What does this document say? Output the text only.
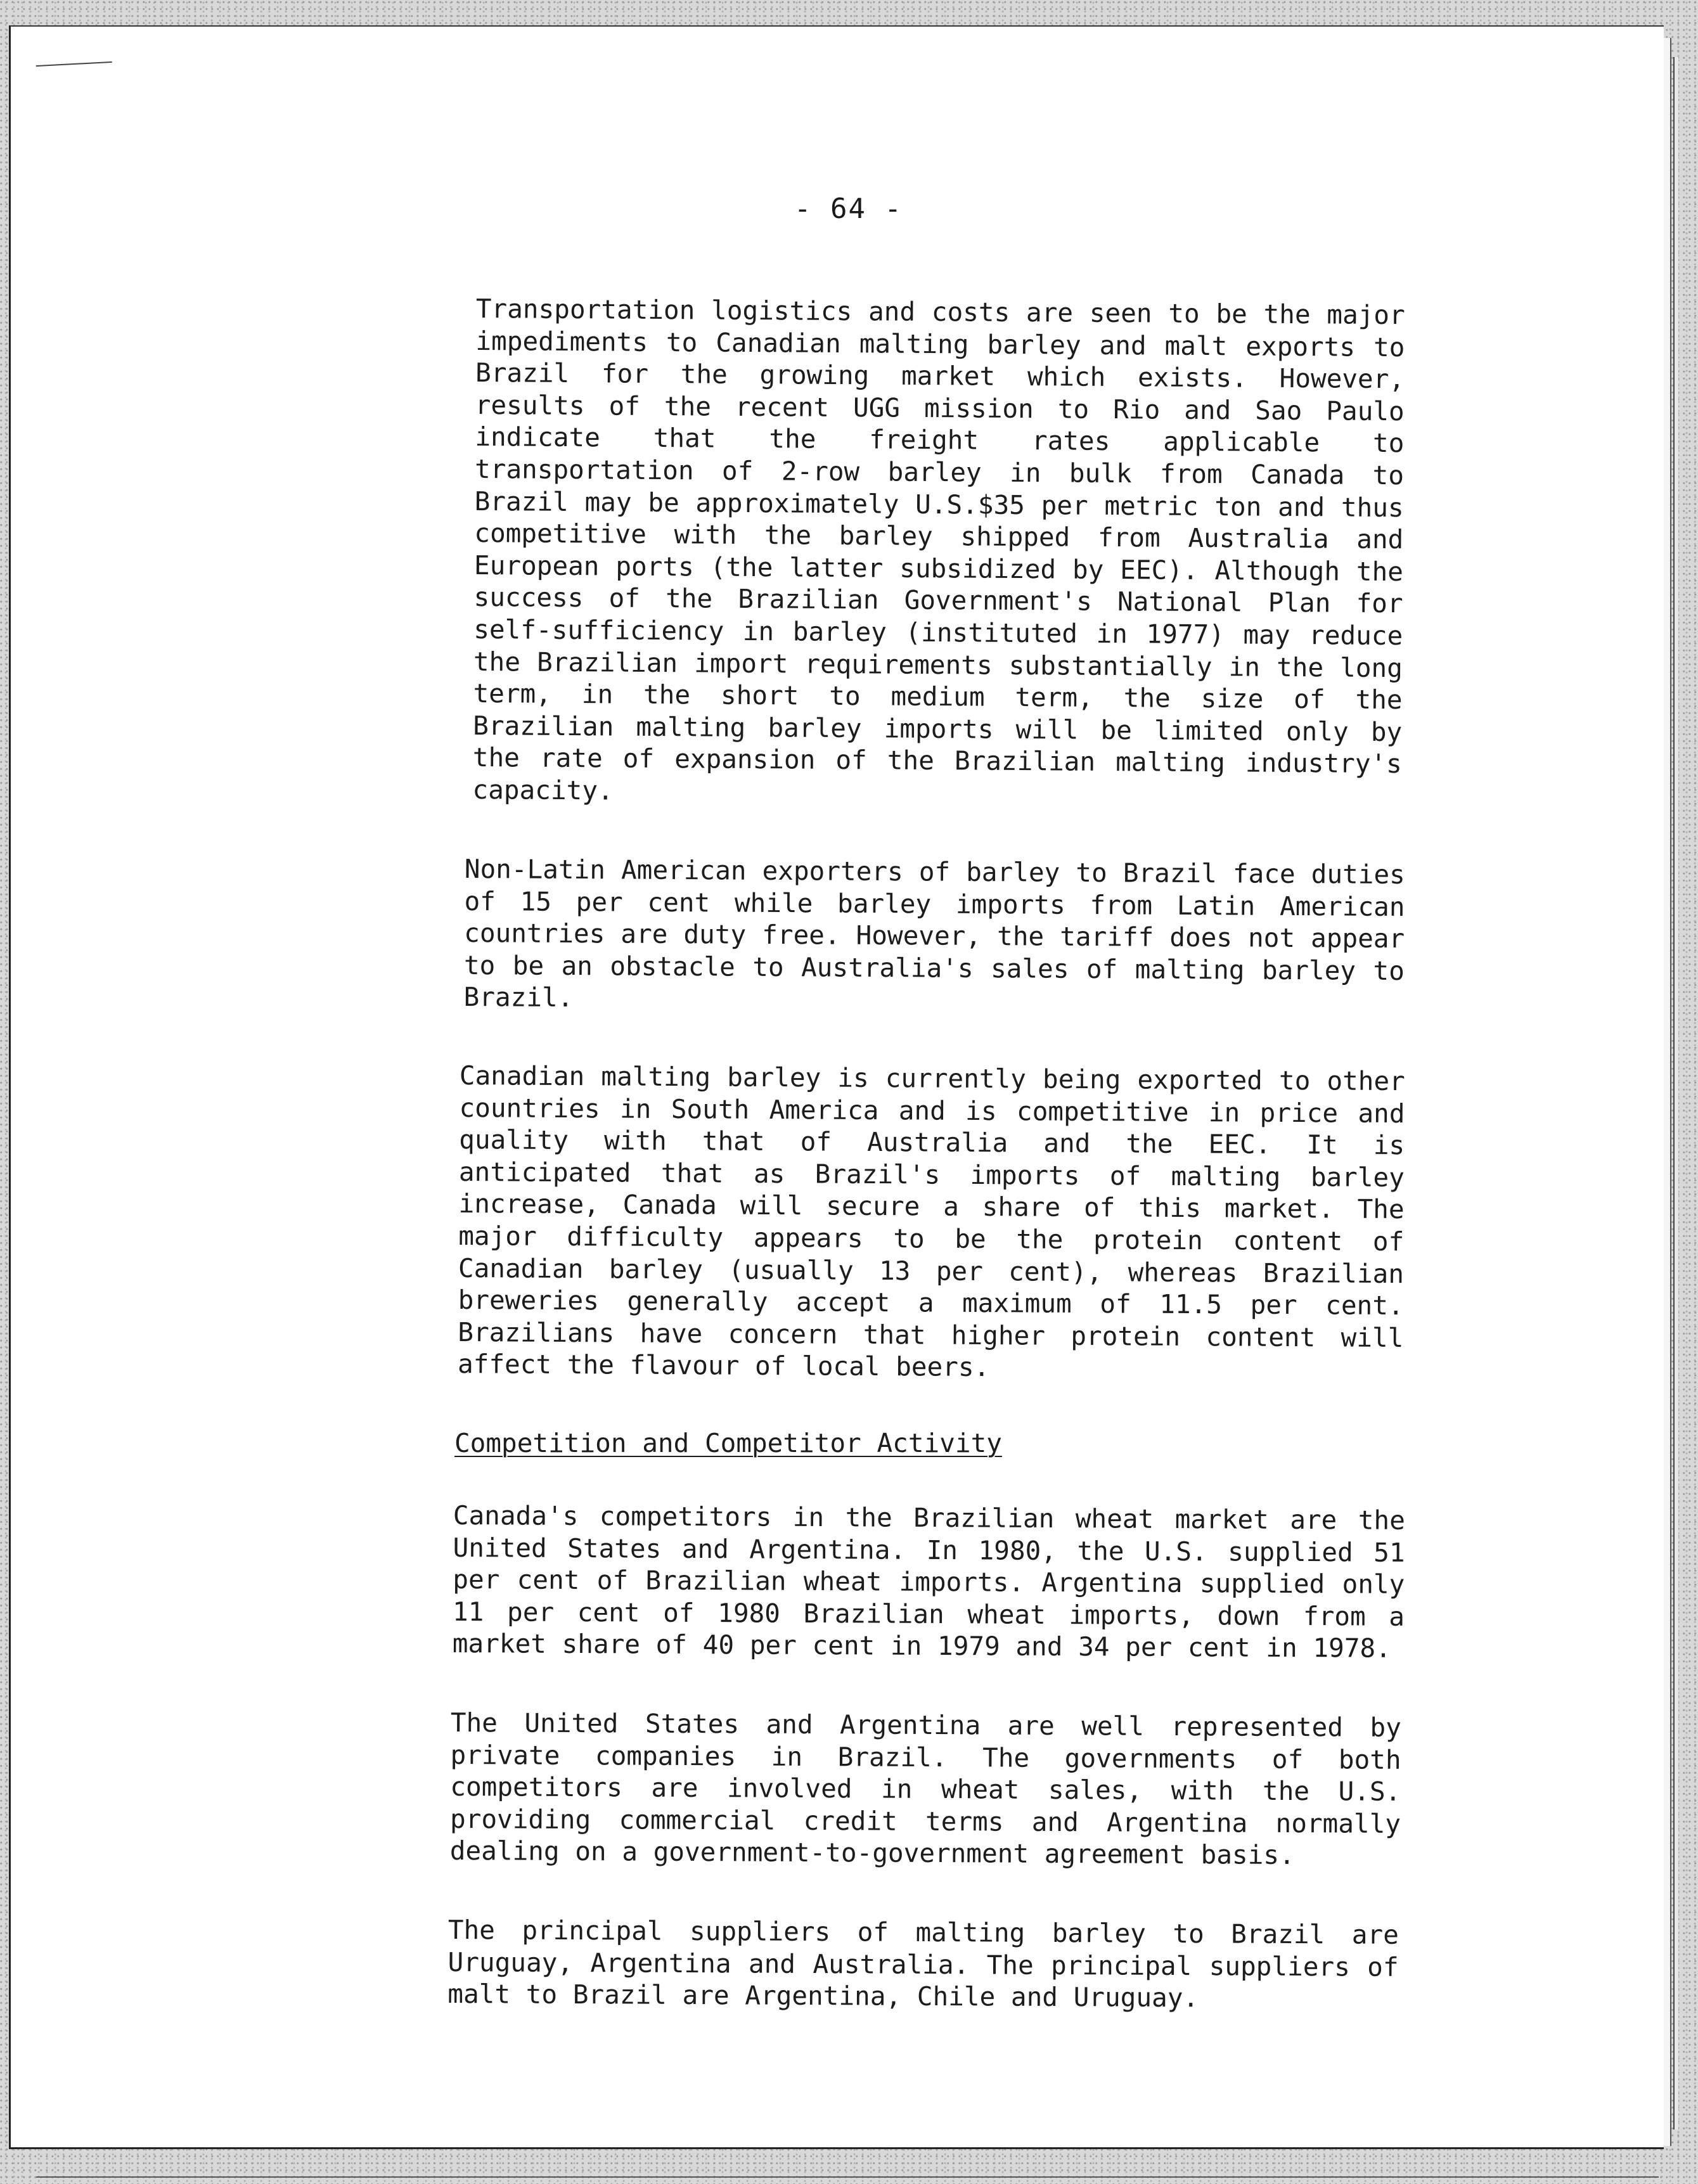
- 64 -

Transportation logistics and costs are seen to be the major impediments to Canadian malting barley and malt exports to Brazil for the growing market which exists. However, results of the recent UGG mission to Rio and Sao Paulo indicate that the freight rates applicable to transportation of 2-row barley in bulk from Canada to Brazil may be approximately U.S.$35 per metric ton and thus competitive with the barley shipped from Australia and European ports (the latter subsidized by EEC). Although the success of the Brazilian Government's National Plan for self-sufficiency in barley (instituted in 1977) may reduce the Brazilian import requirements substantially in the long term, in the short to medium term, the size of the Brazilian malting barley imports will be limited only by the rate of expansion of the Brazilian malting industry's capacity.

Non-Latin American exporters of barley to Brazil face duties of 15 per cent while barley imports from Latin American countries are duty free. However, the tariff does not appear to be an obstacle to Australia's sales of malting barley to Brazil.

Canadian malting barley is currently being exported to other countries in South America and is competitive in price and quality with that of Australia and the EEC. It is anticipated that as Brazil's imports of malting barley increase, Canada will secure a share of this market. The major difficulty appears to be the protein content of Canadian barley (usually 13 per cent), whereas Brazilian breweries generally accept a maximum of 11.5 per cent. Brazilians have concern that higher protein content will affect the flavour of local beers.

Competition and Competitor Activity

Canada's competitors in the Brazilian wheat market are the United States and Argentina. In 1980, the U.S. supplied 51 per cent of Brazilian wheat imports. Argentina supplied only 11 per cent of 1980 Brazilian wheat imports, down from a market share of 40 per cent in 1979 and 34 per cent in 1978.

The United States and Argentina are well represented by private companies in Brazil. The governments of both competitors are involved in wheat sales, with the U.S. providing commercial credit terms and Argentina normally dealing on a government-to-government agreement basis.

The principal suppliers of malting barley to Brazil are Uruguay, Argentina and Australia. The principal suppliers of malt to Brazil are Argentina, Chile and Uruguay.
